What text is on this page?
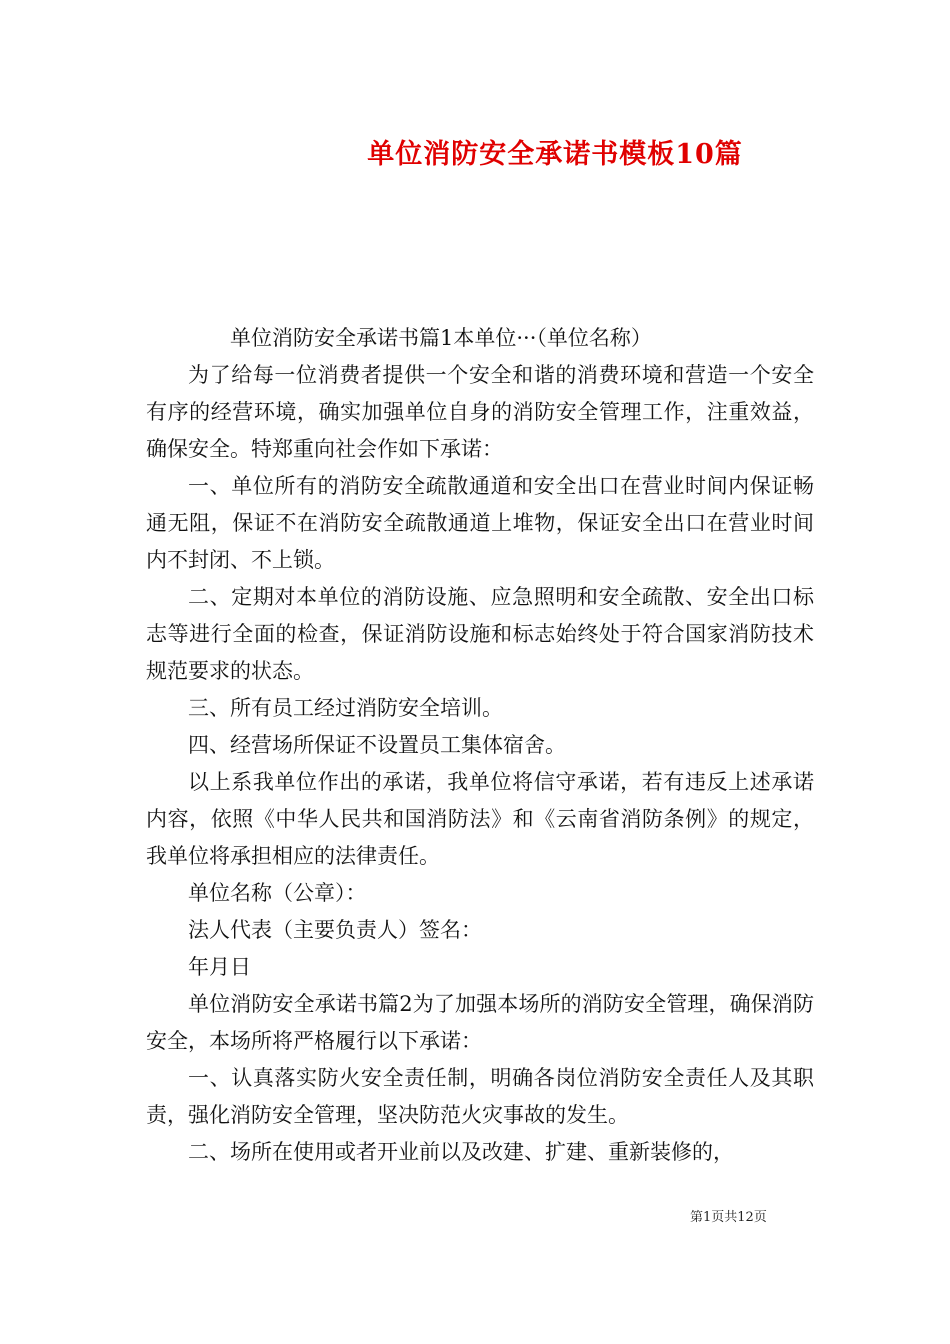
单位消防安全承诺书模板10篇

单位消防安全承诺书篇1本单位···（单位名称）

为了给每一位消费者提供一个安全和谐的消费环境和营造一个安全有序的经营环境，确实加强单位自身的消防安全管理工作，注重效益，确保安全。特郑重向社会作如下承诺：

一、单位所有的消防安全疏散通道和安全出口在营业时间内保证畅通无阻，保证不在消防安全疏散通道上堆物，保证安全出口在营业时间内不封闭、不上锁。

二、定期对本单位的消防设施、应急照明和安全疏散、安全出口标志等进行全面的检查，保证消防设施和标志始终处于符合国家消防技术规范要求的状态。

三、所有员工经过消防安全培训。

四、经营场所保证不设置员工集体宿舍。

以上系我单位作出的承诺，我单位将信守承诺，若有违反上述承诺内容，依照《中华人民共和国消防法》和《云南省消防条例》的规定，我单位将承担相应的法律责任。

单位名称（公章）：

法人代表（主要负责人）签名：

年月日

单位消防安全承诺书篇2为了加强本场所的消防安全管理，确保消防安全，本场所将严格履行以下承诺：

一、认真落实防火安全责任制，明确各岗位消防安全责任人及其职责，强化消防安全管理，坚决防范火灾事故的发生。

二、场所在使用或者开业前以及改建、扩建、重新装修的，

第1页共12页
